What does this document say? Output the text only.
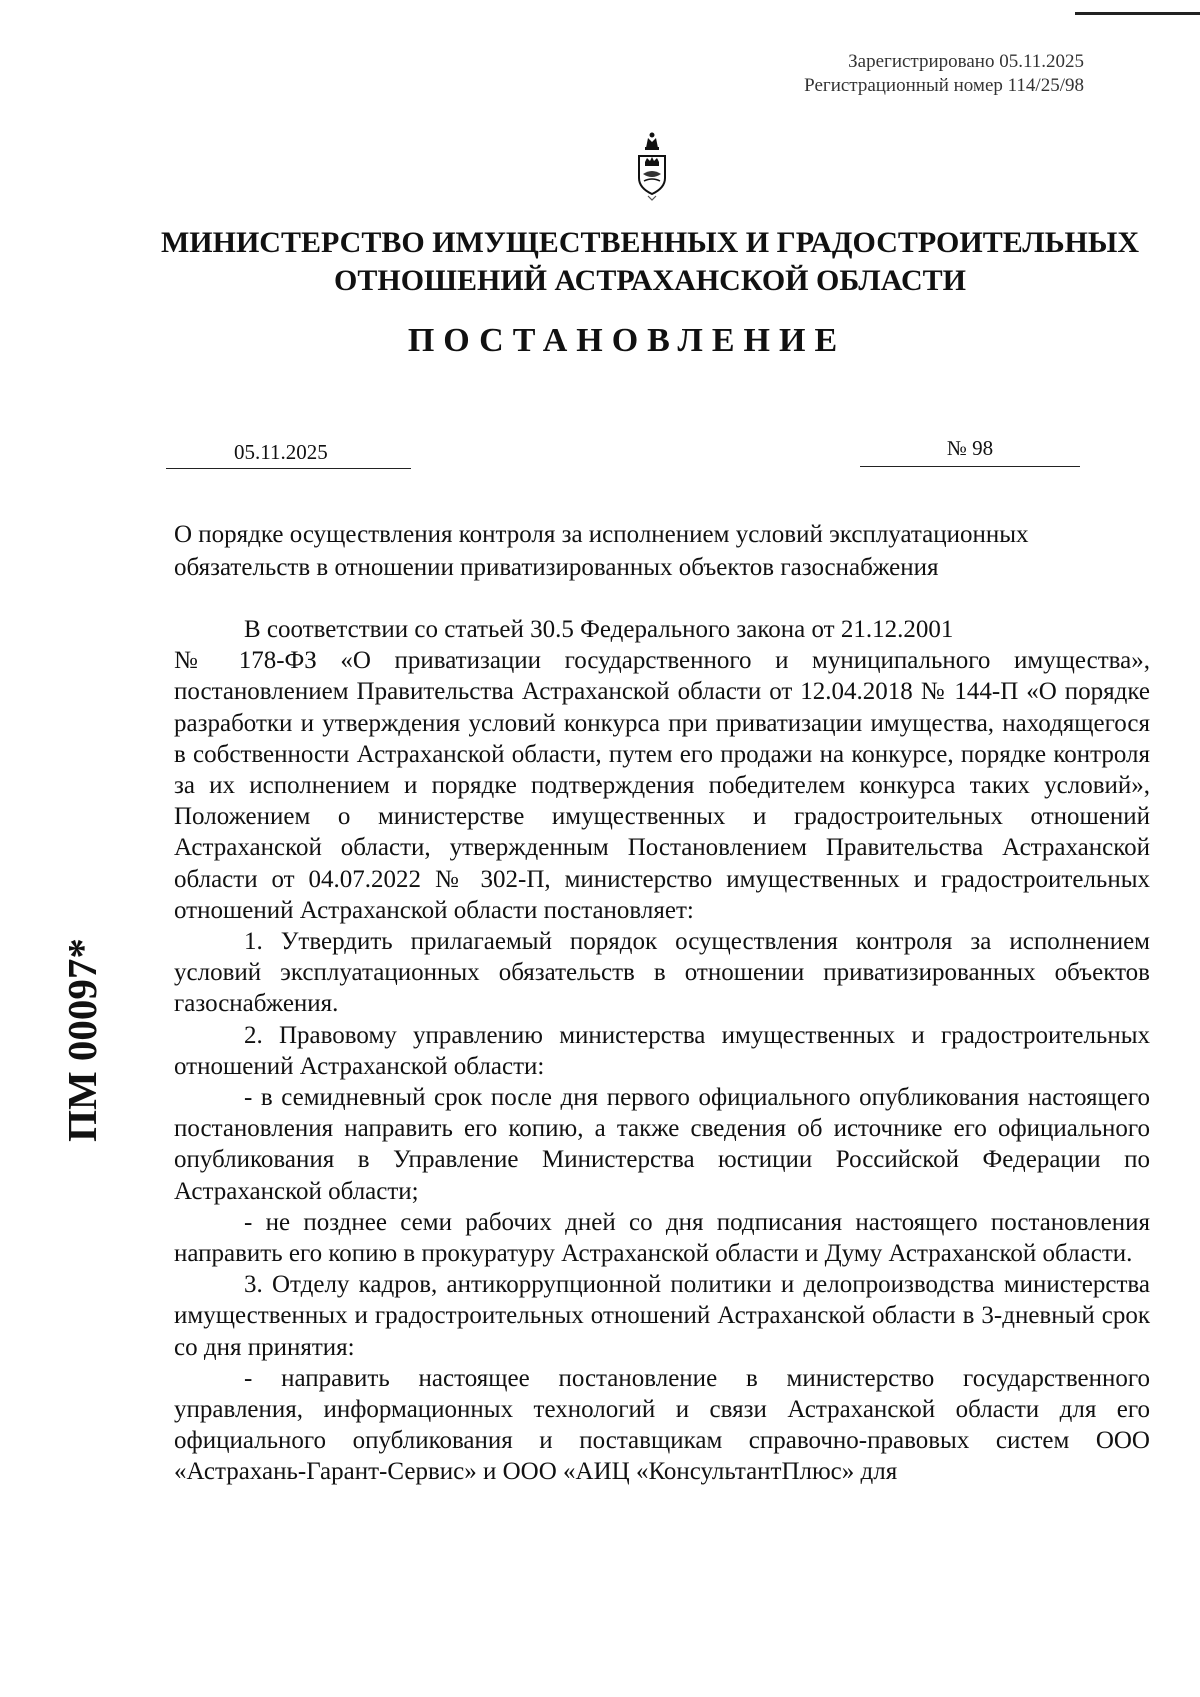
Зарегистрировано 05.11.2025
Регистрационный номер 114/25/98
МИНИСТЕРСТВО ИМУЩЕСТВЕННЫХ И ГРАДОСТРОИТЕЛЬНЫХ
ОТНОШЕНИЙ АСТРАХАНСКОЙ ОБЛАСТИ
ПОСТАНОВЛЕНИЕ
05.11.2025	№ 98
О порядке осуществления контроля за исполнением условий эксплуатационных обязательств в отношении приватизированных объектов газоснабжения

В соответствии со статьей 30.5 Федерального закона от 21.12.2001

№ 178-ФЗ «О приватизации государственного и муниципального имущества», постановлением Правительства Астраханской области от 12.04.2018 № 144-П «О порядке разработки и утверждения условий конкурса при приватизации имущества, находящегося в собственности Астраханской области, путем его продажи на конкурсе, порядке контроля за их исполнением и порядке подтверждения победителем конкурса таких условий», Положением о министерстве имущественных и градостроительных отношений Астраханской области, утвержденным Постановлением Правительства Астраханской области от 04.07.2022 № 302-П, министерство имущественных и градостроительных отношений Астраханской области постановляет:

1. Утвердить прилагаемый порядок осуществления контроля за исполнением условий эксплуатационных обязательств в отношении приватизированных объектов газоснабжения.

2. Правовому управлению министерства имущественных и градостроительных отношений Астраханской области:

- в семидневный срок после дня первого официального опубликования настоящего постановления направить его копию, а также сведения об источнике его официального опубликования в Управление Министерства юстиции Российской Федерации по Астраханской области;

- не позднее семи рабочих дней со дня подписания настоящего постановления направить его копию в прокуратуру Астраханской области и Думу Астраханской области.

3. Отделу кадров, антикоррупционной политики и делопроизводства министерства имущественных и градостроительных отношений Астраханской области в 3-дневный срок со дня принятия:

- направить настоящее постановление в министерство государственного управления, информационных технологий и связи Астраханской области для его официального опубликования и поставщикам справочно-правовых систем ООО «Астрахань-Гарант-Сервис» и ООО «АИЦ «КонсультантПлюс» для

ПМ 00097*
